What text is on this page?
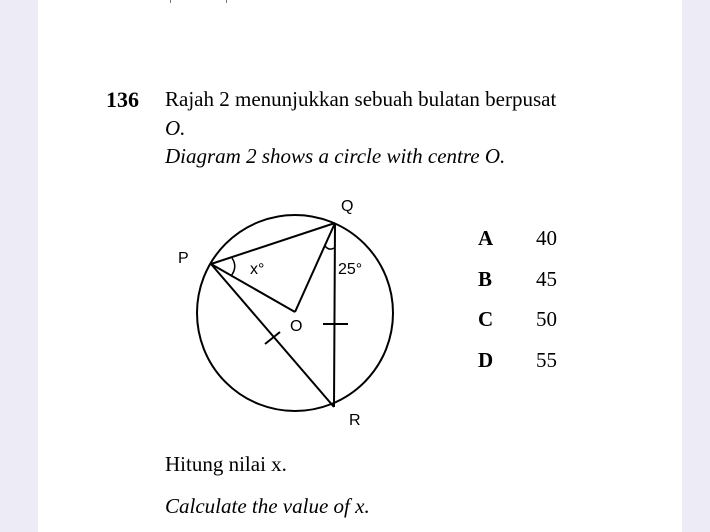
136 Rajah 2 menunjukkan sebuah bulatan berpusat
O.
Diagram 2 shows a circle with centre O.
P
Q
R
O
x°	25°
A 40
B 45
C 50
D 55
Hitung nilai x.
Calculate the value of x.
